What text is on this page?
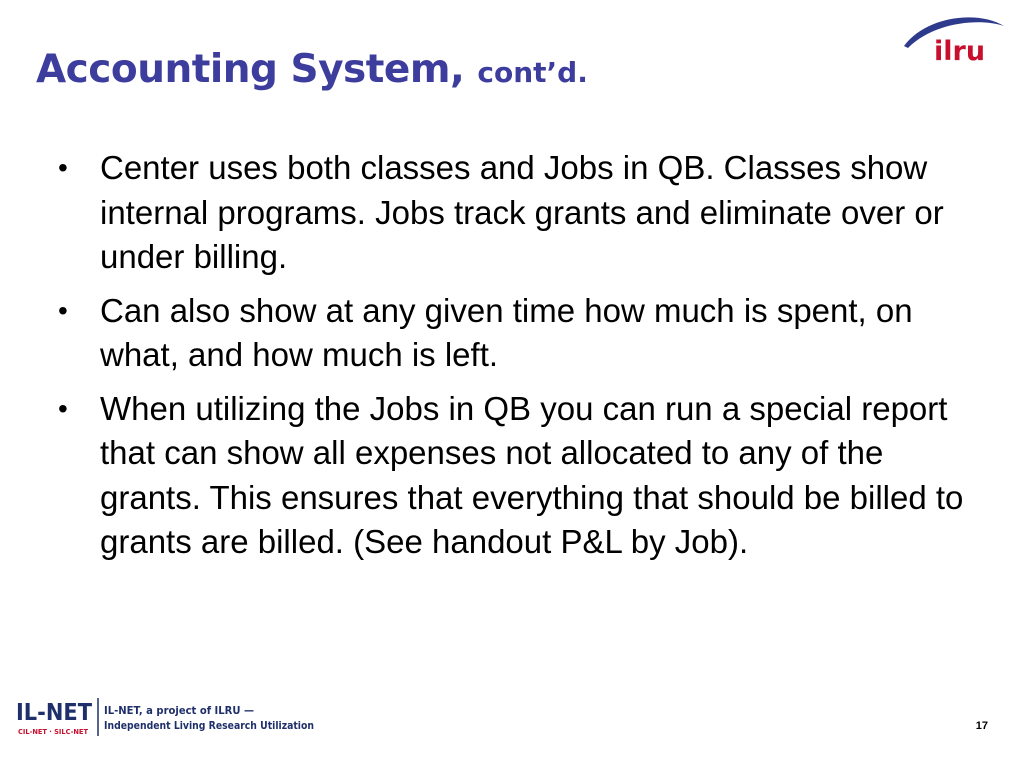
Accounting System, cont’d.
ilru
• Center uses both classes and Jobs in QB. Classes show internal programs. Jobs track grants and eliminate over or under billing.
• Can also show at any given time how much is spent, on what, and how much is left.
• When utilizing the Jobs in QB you can run a special report that can show all expenses not allocated to any of the grants. This ensures that everything that should be billed to grants are billed. (See handout P&L by Job).
IL-NET
CIL-NET · SILC-NET
IL-NET, a project of ILRU —
Independent Living Research Utilization	17
